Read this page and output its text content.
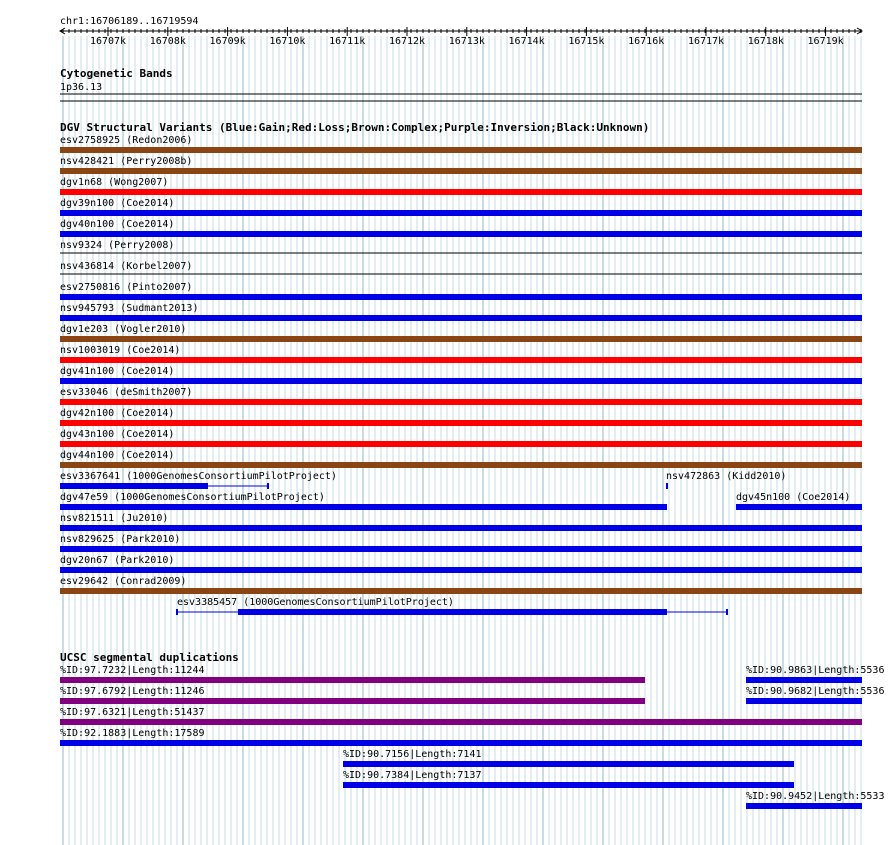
chr1:16706189..16719594
16707k 16708k 16709k 16710k 16711k 16712k 16713k 16714k 16715k 16716k 16717k 16718k 16719k
Cytogenetic Bands
1p36.13
DGV Structural Variants (Blue:Gain;Red:Loss;Brown:Complex;Purple:Inversion;Black:Unknown)
esv2758925 (Redon2006)
nsv428421 (Perry2008b)
dgv1n68 (Wong2007)
dgv39n100 (Coe2014)
dgv40n100 (Coe2014)
nsv9324 (Perry2008)
nsv436814 (Korbel2007)
esv2750816 (Pinto2007)
nsv945793 (Sudmant2013)
dgv1e203 (Vogler2010)
nsv1003019 (Coe2014)
dgv41n100 (Coe2014)
esv33046 (deSmith2007)
dgv42n100 (Coe2014)
dgv43n100 (Coe2014)
dgv44n100 (Coe2014)
esv3367641 (1000GenomesConsortiumPilotProject)	nsv472863 (Kidd2010)
dgv47e59 (1000GenomesConsortiumPilotProject)	dgv45n100 (Coe2014)
nsv821511 (Ju2010)
nsv829625 (Park2010)
dgv20n67 (Park2010)
esv29642 (Conrad2009)
esv3385457 (1000GenomesConsortiumPilotProject)
UCSC segmental duplications
%ID:97.7232|Length:11244	%ID:90.9863|Length:5536
%ID:97.6792|Length:11246	%ID:90.9682|Length:5536
%ID:97.6321|Length:51437
%ID:92.1883|Length:17589
%ID:90.7156|Length:7141
%ID:90.7384|Length:7137
%ID:90.9452|Length:5533
